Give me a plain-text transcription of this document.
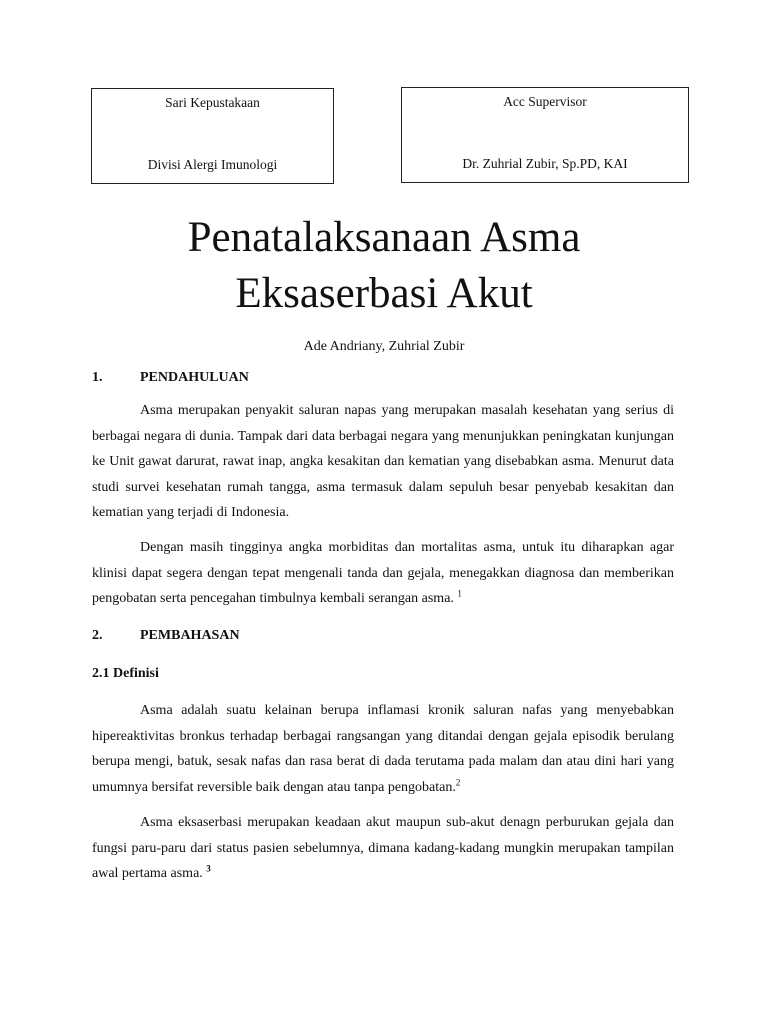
Sari Kepustakaan
Divisi Alergi Imunologi
Acc Supervisor
Dr. Zuhrial Zubir, Sp.PD, KAI
Penatalaksanaan Asma
Eksaserbasi Akut
Ade Andriany, Zuhrial Zubir
1.	PENDAHULUAN

Asma merupakan penyakit saluran napas yang merupakan masalah kesehatan yang serius di berbagai negara di dunia. Tampak dari data berbagai negara yang menunjukkan peningkatan kunjungan ke Unit gawat darurat, rawat inap, angka kesakitan dan kematian yang disebabkan asma. Menurut data studi survei kesehatan rumah tangga, asma termasuk dalam sepuluh besar penyebab kesakitan dan kematian yang terjadi di Indonesia.

Dengan masih tingginya angka morbiditas dan mortalitas asma, untuk itu diharapkan agar klinisi dapat segera dengan tepat mengenali tanda dan gejala, menegakkan diagnosa dan memberikan pengobatan serta pencegahan timbulnya kembali serangan asma. $^1$

2.	PEMBAHASAN
2.1 Definisi

Asma adalah suatu kelainan berupa inflamasi kronik saluran nafas yang menyebabkan hipereaktivitas bronkus terhadap berbagai rangsangan yang ditandai dengan gejala episodik berulang berupa mengi, batuk, sesak nafas dan rasa berat di dada terutama pada malam dan atau dini hari yang umumnya bersifat reversible baik dengan atau tanpa pengobatan.$^2$

Asma eksaserbasi merupakan keadaan akut maupun sub-akut denagn perburukan gejala dan fungsi paru-paru dari status pasien sebelumnya, dimana kadang-kadang mungkin merupakan tampilan awal pertama asma. $^3$
